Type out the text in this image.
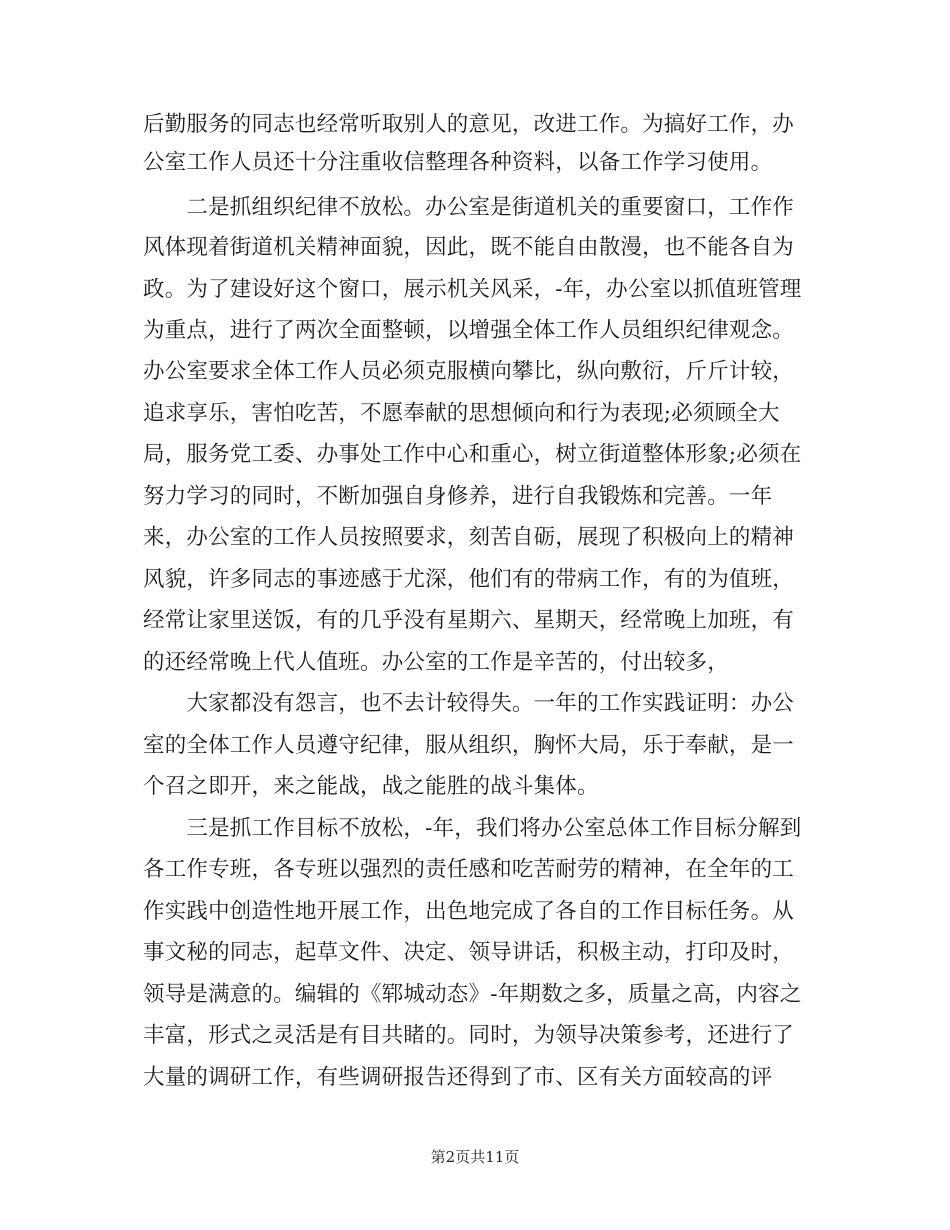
后勤服务的同志也经常听取别人的意见，改进工作。为搞好工作，办
公室工作人员还十分注重收信整理各种资料，以备工作学习使用。
　　二是抓组织纪律不放松。办公室是街道机关的重要窗口，工作作
风体现着街道机关精神面貌，因此，既不能自由散漫，也不能各自为
政。为了建设好这个窗口，展示机关风采，-年，办公室以抓值班管理
为重点，进行了两次全面整顿，以增强全体工作人员组织纪律观念。
办公室要求全体工作人员必须克服横向攀比，纵向敷衍，斤斤计较，
追求享乐，害怕吃苦，不愿奉献的思想倾向和行为表现;必须顾全大
局，服务党工委、办事处工作中心和重心，树立街道整体形象;必须在
努力学习的同时，不断加强自身修养，进行自我锻炼和完善。一年
来，办公室的工作人员按照要求，刻苦自砺，展现了积极向上的精神
风貌，许多同志的事迹感于尤深，他们有的带病工作，有的为值班，
经常让家里送饭，有的几乎没有星期六、星期天，经常晚上加班，有
的还经常晚上代人值班。办公室的工作是辛苦的，付出较多，
　　大家都没有怨言，也不去计较得失。一年的工作实践证明：办公
室的全体工作人员遵守纪律，服从组织，胸怀大局，乐于奉献，是一
个召之即开，来之能战，战之能胜的战斗集体。
　　三是抓工作目标不放松，-年，我们将办公室总体工作目标分解到
各工作专班，各专班以强烈的责任感和吃苦耐劳的精神，在全年的工
作实践中创造性地开展工作，出色地完成了各自的工作目标任务。从
事文秘的同志，起草文件、决定、领导讲话，积极主动，打印及时，
领导是满意的。编辑的《郓城动态》-年期数之多，质量之高，内容之
丰富，形式之灵活是有目共睹的。同时，为领导决策参考，还进行了
大量的调研工作，有些调研报告还得到了市、区有关方面较高的评
第2页共11页
